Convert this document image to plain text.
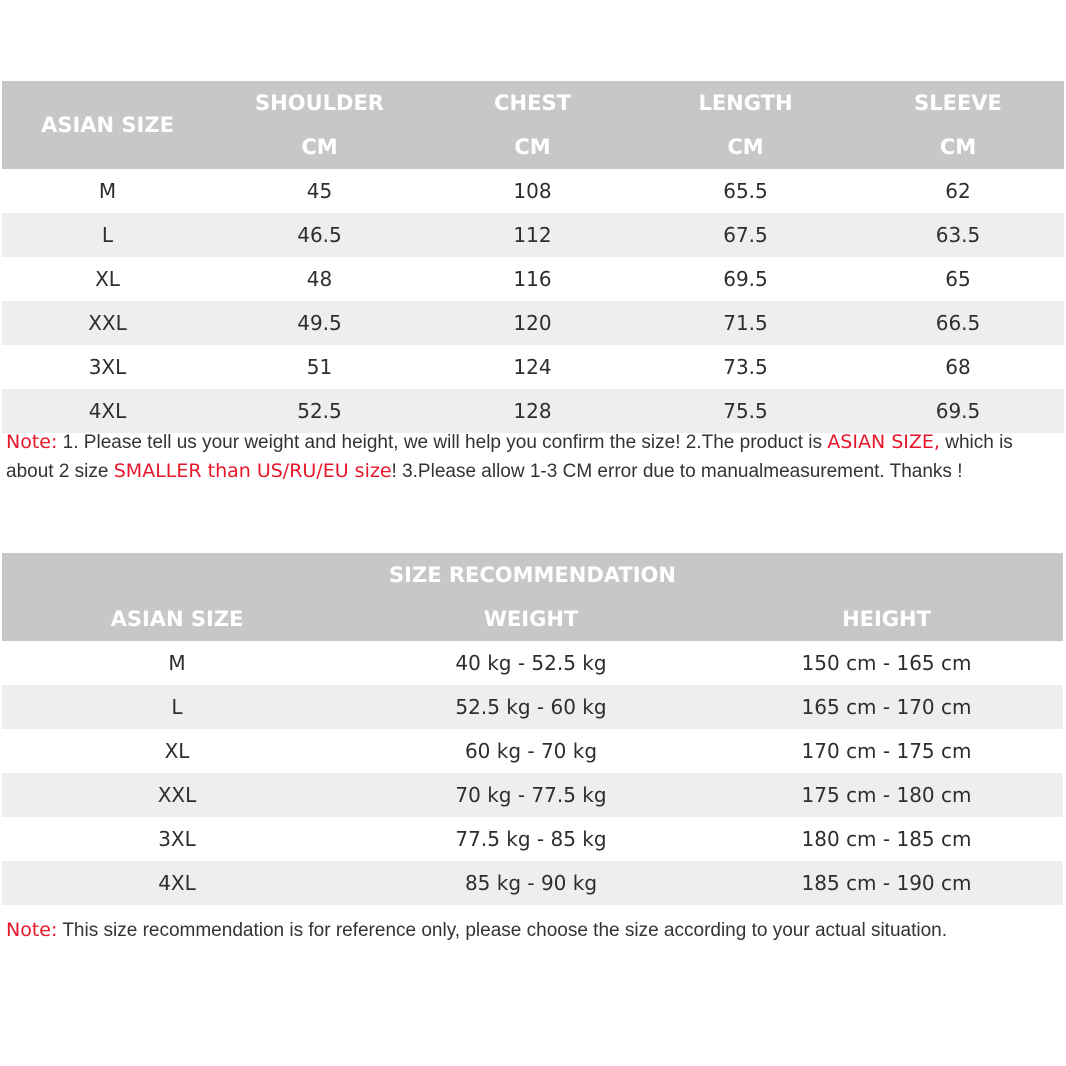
ASIAN SIZE	SHOULDER	CHEST	LENGTH	SLEEVE
	CM	CM	CM	CM
M	45	108	65.5	62
L	46.5	112	67.5	63.5
XL	48	116	69.5	65
XXL	49.5	120	71.5	66.5
3XL	51	124	73.5	68
4XL	52.5	128	75.5	69.5

Note: 1. Please tell us your weight and height, we will help you confirm the size! 2.The product is ASIAN SIZE, which is about 2 size SMALLER than US/RU/EU size! 3.Please allow 1-3 CM error due to manualmeasurement. Thanks !

SIZE RECOMMENDATION		
ASIAN SIZE	WEIGHT	HEIGHT
M	40 kg - 52.5 kg	150 cm - 165 cm
L	52.5 kg - 60 kg	165 cm - 170 cm
XL	60 kg - 70 kg	170 cm - 175 cm
XXL	70 kg - 77.5 kg	175 cm - 180 cm
3XL	77.5 kg - 85 kg	180 cm - 185 cm
4XL	85 kg - 90 kg	185 cm - 190 cm

Note: This size recommendation is for reference only, please choose the size according to your actual situation.
